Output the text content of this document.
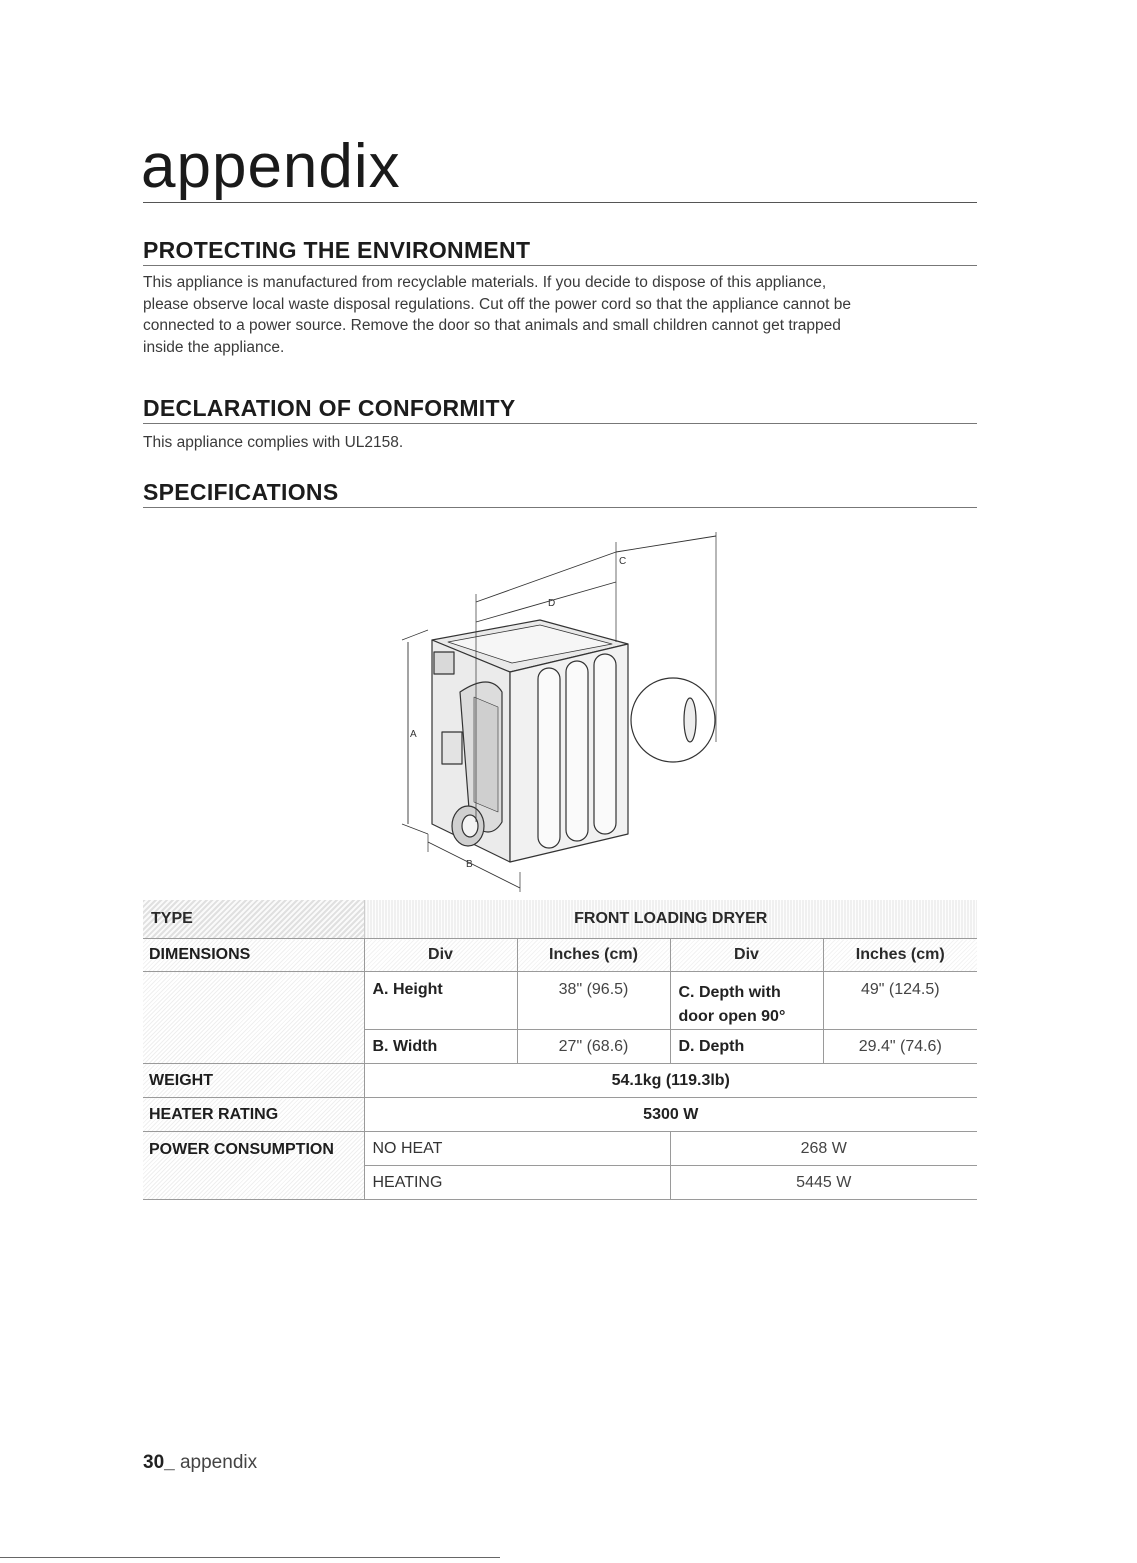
appendix
PROTECTING THE ENVIRONMENT
This appliance is manufactured from recyclable materials. If you decide to dispose of this appliance,
please observe local waste disposal regulations. Cut off the power cord so that the appliance cannot be
connected to a power source. Remove the door so that animals and small children cannot get trapped
inside the appliance.
DECLARATION OF CONFORMITY
This appliance complies with UL2158.
SPECIFICATIONS
A
B
C
D
TYPE	FRONT LOADING DRYER			
DIMENSIONS	Div	Inches (cm)	Div	Inches (cm)
	A. Height	38" (96.5)	C. Depth with door open 90°	49" (124.5)
	B. Width	27" (68.6)	D. Depth	29.4" (74.6)
WEIGHT	54.1kg (119.3lb)			
HEATER RATING	5300 W			
POWER CONSUMPTION	NO HEAT		268 W	
	HEATING		5445 W	
30_ appendix
